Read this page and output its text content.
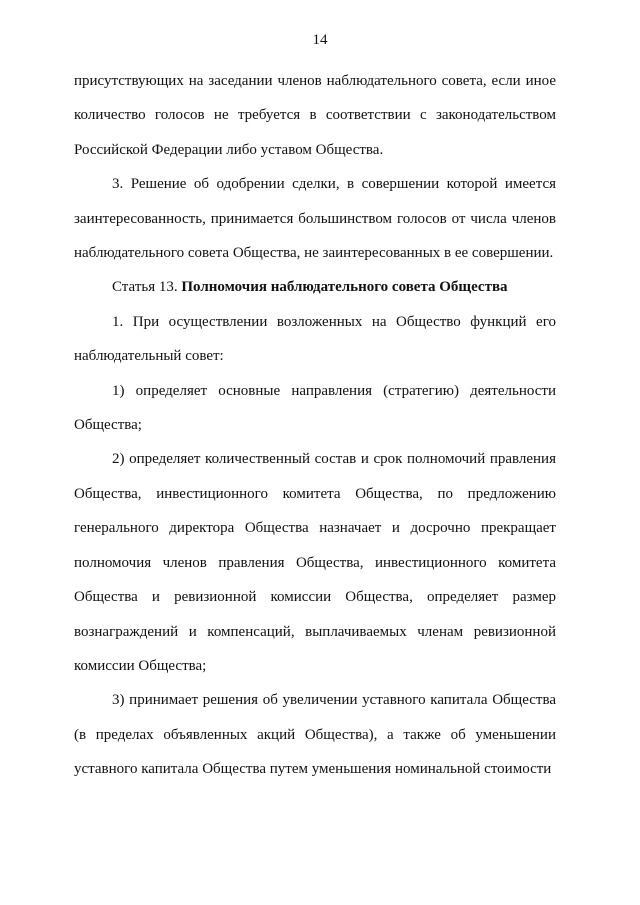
14

присутствующих на заседании членов наблюдательного совета, если иное количество голосов не требуется в соответствии с законодательством Российской Федерации либо уставом Общества.

3. Решение об одобрении сделки, в совершении которой имеется заинтересованность, принимается большинством голосов от числа членов наблюдательного совета Общества, не заинтересованных в ее совершении.

Статья 13. Полномочия наблюдательного совета Общества

1. При осуществлении возложенных на Общество функций его наблюдательный совет:

1) определяет основные направления (стратегию) деятельности Общества;

2) определяет количественный состав и срок полномочий правления Общества, инвестиционного комитета Общества, по предложению генерального директора Общества назначает и досрочно прекращает полномочия членов правления Общества, инвестиционного комитета Общества и ревизионной комиссии Общества, определяет размер вознаграждений и компенсаций, выплачиваемых членам ревизионной комиссии Общества;

3) принимает решения об увеличении уставного капитала Общества (в пределах объявленных акций Общества), а также об уменьшении уставного капитала Общества путем уменьшения номинальной стоимости
